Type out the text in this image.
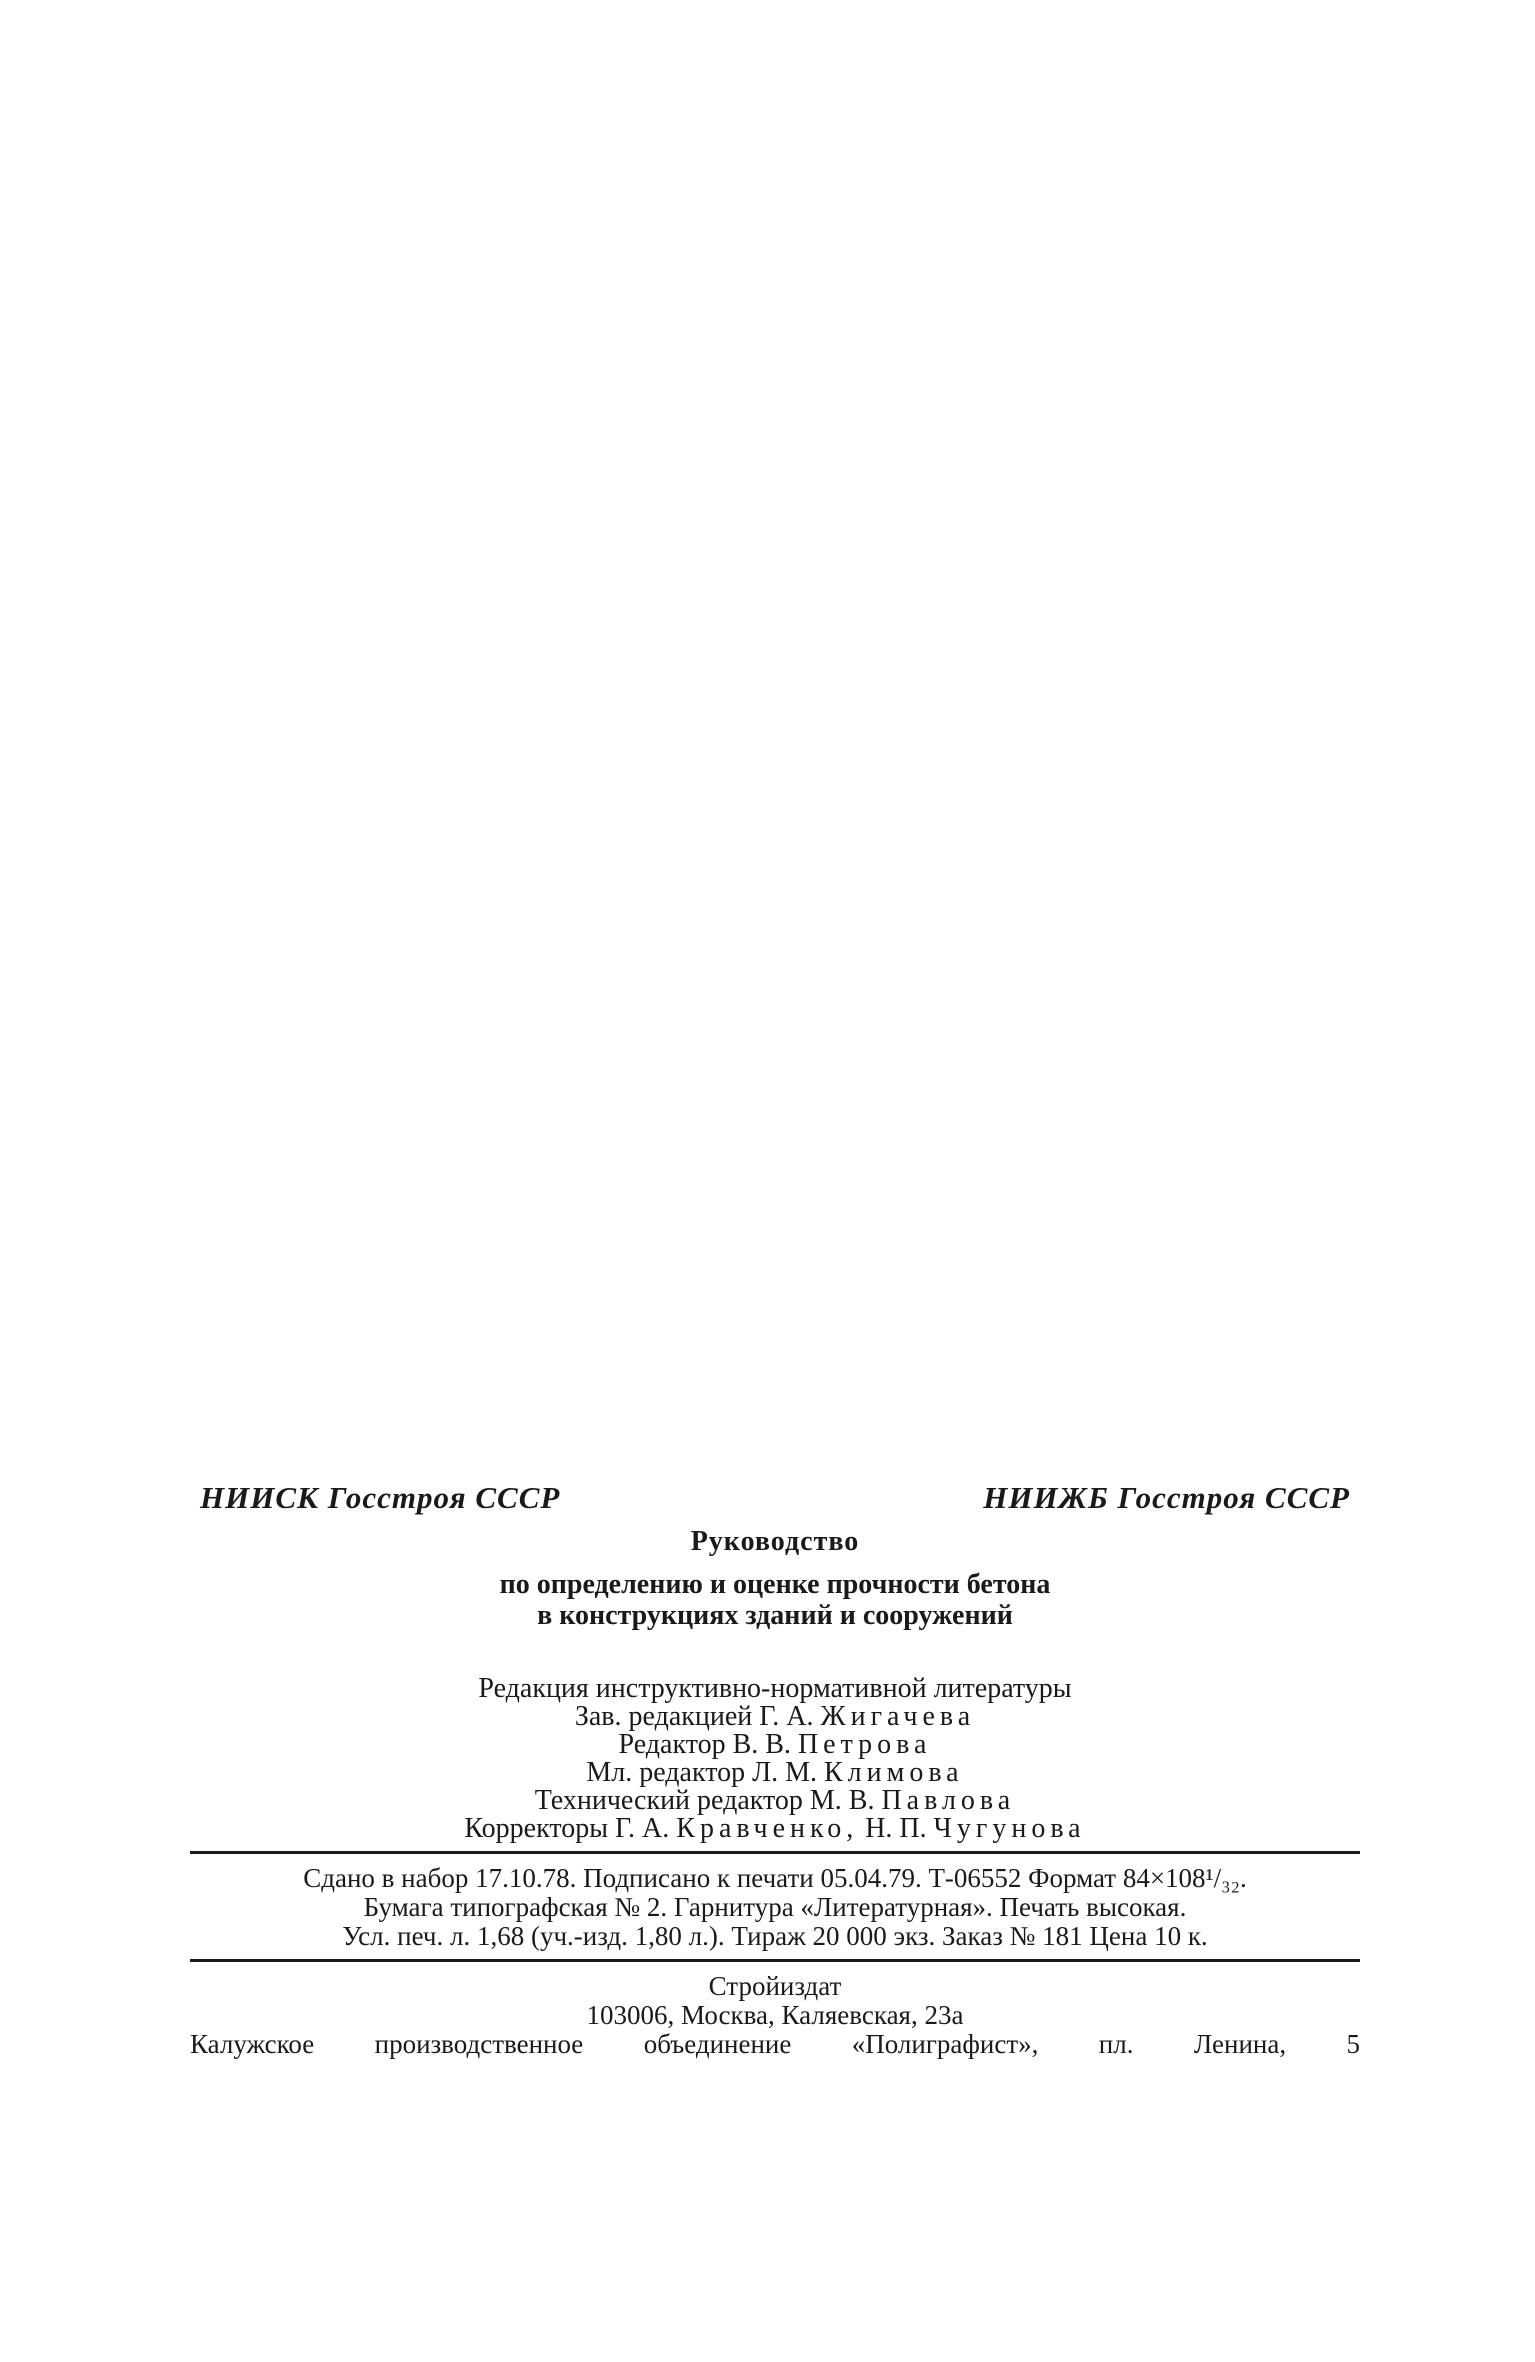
НИИСК Госстроя СССР	НИИЖБ Госстроя СССР
Руководство
по определению и оценке прочности бетона
в конструкциях зданий и сооружений
Редакция инструктивно-нормативной литературы
Зав. редакцией Г. А. Жигачева
Редактор В. В. Петрова
Мл. редактор Л. М. Климова
Технический редактор М. В. Павлова
Корректоры Г. А. Кравченко, Н. П. Чугунова
Сдано в набор 17.10.78. Подписано к печати 05.04.79. Т-06552 Формат 84×108¹/₃₂.
Бумага типографская № 2. Гарнитура «Литературная». Печать высокая.
Усл. печ. л. 1,68 (уч.-изд. 1,80 л.). Тираж 20 000 экз. Заказ № 181 Цена 10 к.
Стройиздат
103006, Москва, Каляевская, 23а
Калужское производственное объединение «Полиграфист», пл. Ленина, 5
